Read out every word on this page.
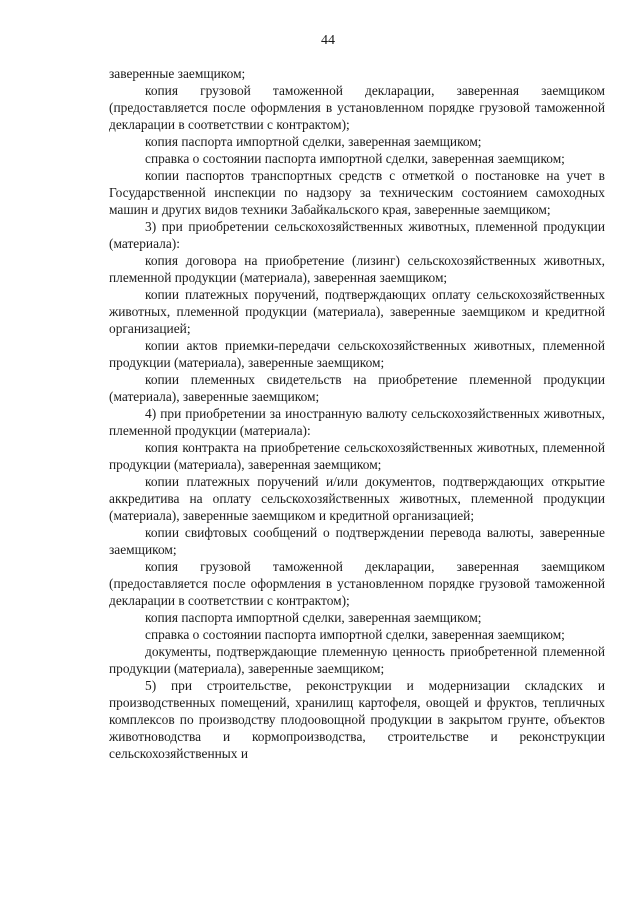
44

заверенные заемщиком;

копия грузовой таможенной декларации, заверенная заемщиком (предоставляется после оформления в установленном порядке грузовой таможенной декларации в соответствии с контрактом);

копия паспорта импортной сделки, заверенная заемщиком;

справка о состоянии паспорта импортной сделки, заверенная заемщиком;

копии паспортов транспортных средств с отметкой о постановке на учет в Государственной инспекции по надзору за техническим состоянием самоходных машин и других видов техники Забайкальского края, заверенные заемщиком;

3) при приобретении сельскохозяйственных животных, племенной продукции (материала):

копия договора на приобретение (лизинг) сельскохозяйственных животных, племенной продукции (материала), заверенная заемщиком;

копии платежных поручений, подтверждающих оплату сельскохозяйственных животных, племенной продукции (материала), заверенные заемщиком и кредитной организацией;

копии актов приемки-передачи сельскохозяйственных животных, племенной продукции (материала), заверенные заемщиком;

копии племенных свидетельств на приобретение племенной продукции (материала), заверенные заемщиком;

4) при приобретении за иностранную валюту сельскохозяйственных животных, племенной продукции (материала):

копия контракта на приобретение сельскохозяйственных животных, племенной продукции (материала), заверенная заемщиком;

копии платежных поручений и/или документов, подтверждающих открытие аккредитива на оплату сельскохозяйственных животных, племенной продукции (материала), заверенные заемщиком и кредитной организацией;

копии свифтовых сообщений о подтверждении перевода валюты, заверенные заемщиком;

копия грузовой таможенной декларации, заверенная заемщиком (предоставляется после оформления в установленном порядке грузовой таможенной декларации в соответствии с контрактом);

копия паспорта импортной сделки, заверенная заемщиком;

справка о состоянии паспорта импортной сделки, заверенная заемщиком;

документы, подтверждающие племенную ценность приобретенной племенной продукции (материала), заверенные заемщиком;

5) при строительстве, реконструкции и модернизации складских и производственных помещений, хранилищ картофеля, овощей и фруктов, тепличных комплексов по производству плодоовощной продукции в закрытом грунте, объектов животноводства и кормопроизводства, строительстве и реконструкции сельскохозяйственных и
